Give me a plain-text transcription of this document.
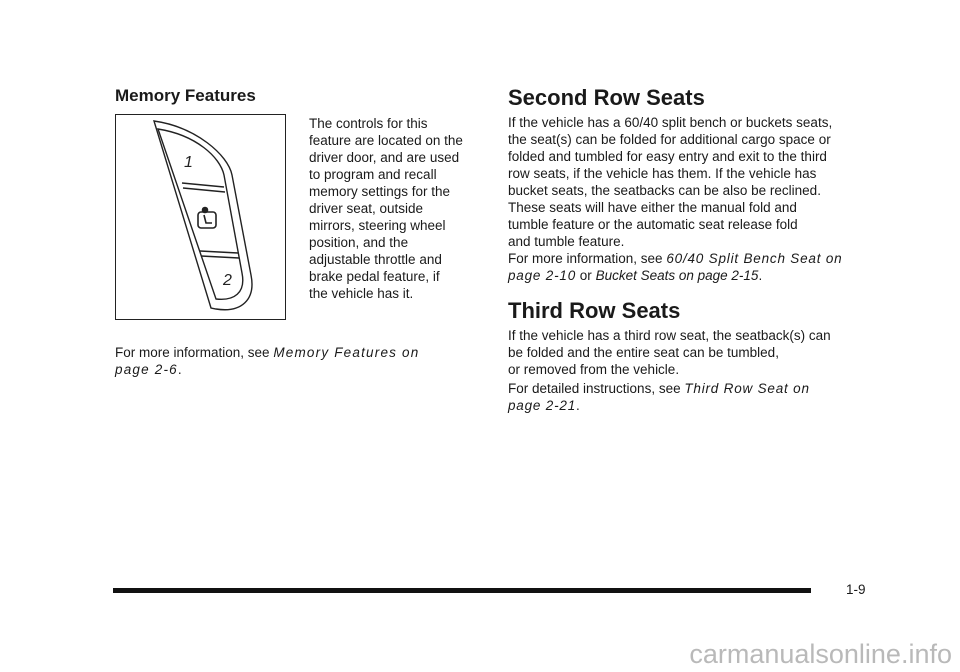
Memory Features
1
2
The controls for this
feature are located on the
driver door, and are used
to program and recall
memory settings for the
driver seat, outside
mirrors, steering wheel
position, and the
adjustable throttle and
brake pedal feature, if
the vehicle has it.

For more information, see Memory Features on page 2-6.

Second Row Seats
If the vehicle has a 60/40 split bench or buckets seats,
the seat(s) can be folded for additional cargo space or
folded and tumbled for easy entry and exit to the third
row seats, if the vehicle has them. If the vehicle has
bucket seats, the seatbacks can be also be reclined.
These seats will have either the manual fold and
tumble feature or the automatic seat release fold
and tumble feature.

For more information, see 60/40 Split Bench Seat on page 2-10 or Bucket Seats on page 2-15.

Third Row Seats
If the vehicle has a third row seat, the seatback(s) can
be folded and the entire seat can be tumbled,
or removed from the vehicle.

For detailed instructions, see Third Row Seat on page 2-21.

1-9
carmanualsonline.info
